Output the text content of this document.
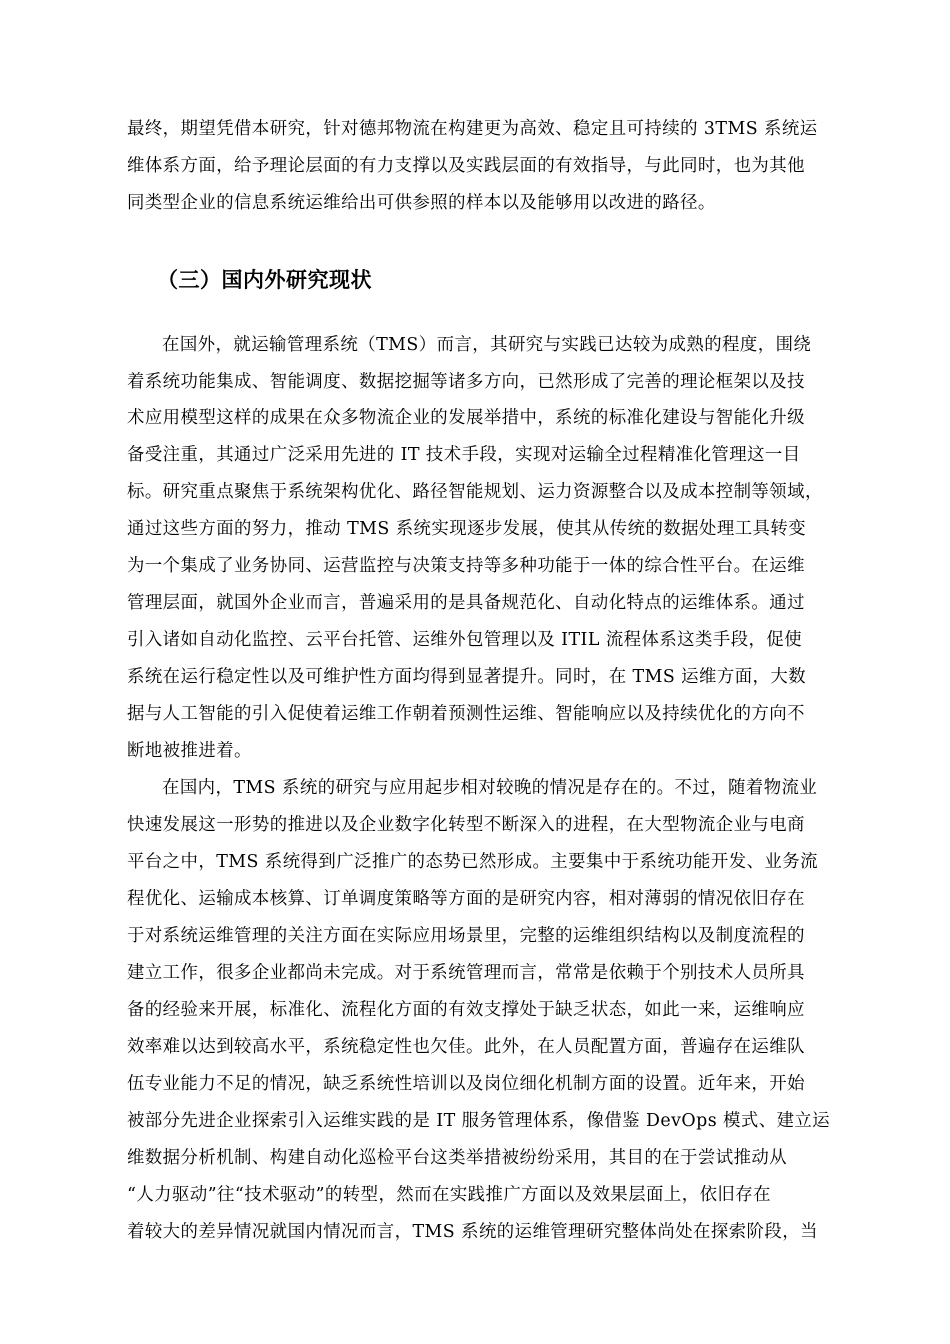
最终，期望凭借本研究，针对德邦物流在构建更为高效、稳定且可持续的 3TMS 系统运
维体系方面，给予理论层面的有力支撑以及实践层面的有效指导，与此同时，也为其他
同类型企业的信息系统运维给出可供参照的样本以及能够用以改进的路径。
（三）国内外研究现状
在国外，就运输管理系统（TMS）而言，其研究与实践已达较为成熟的程度，围绕
着系统功能集成、智能调度、数据挖掘等诸多方向，已然形成了完善的理论框架以及技
术应用模型这样的成果在众多物流企业的发展举措中，系统的标准化建设与智能化升级
备受注重，其通过广泛采用先进的 IT 技术手段，实现对运输全过程精准化管理这一目
标。研究重点聚焦于系统架构优化、路径智能规划、运力资源整合以及成本控制等领域，
通过这些方面的努力，推动 TMS 系统实现逐步发展，使其从传统的数据处理工具转变
为一个集成了业务协同、运营监控与决策支持等多种功能于一体的综合性平台。在运维
管理层面，就国外企业而言，普遍采用的是具备规范化、自动化特点的运维体系。通过
引入诸如自动化监控、云平台托管、运维外包管理以及 ITIL 流程体系这类手段，促使
系统在运行稳定性以及可维护性方面均得到显著提升。同时，在 TMS 运维方面，大数
据与人工智能的引入促使着运维工作朝着预测性运维、智能响应以及持续优化的方向不
断地被推进着。
在国内，TMS 系统的研究与应用起步相对较晚的情况是存在的。不过，随着物流业
快速发展这一形势的推进以及企业数字化转型不断深入的进程，在大型物流企业与电商
平台之中，TMS 系统得到广泛推广的态势已然形成。主要集中于系统功能开发、业务流
程优化、运输成本核算、订单调度策略等方面的是研究内容，相对薄弱的情况依旧存在
于对系统运维管理的关注方面在实际应用场景里，完整的运维组织结构以及制度流程的
建立工作，很多企业都尚未完成。对于系统管理而言，常常是依赖于个别技术人员所具
备的经验来开展，标准化、流程化方面的有效支撑处于缺乏状态，如此一来，运维响应
效率难以达到较高水平，系统稳定性也欠佳。此外，在人员配置方面，普遍存在运维队
伍专业能力不足的情况，缺乏系统性培训以及岗位细化机制方面的设置。近年来，开始
被部分先进企业探索引入运维实践的是 IT 服务管理体系，像借鉴 DevOps 模式、建立运
维数据分析机制、构建自动化巡检平台这类举措被纷纷采用，其目的在于尝试推动从
“人力驱动”往“技术驱动”的转型，然而在实践推广方面以及效果层面上，依旧存在
着较大的差异情况就国内情况而言，TMS 系统的运维管理研究整体尚处在探索阶段，当
